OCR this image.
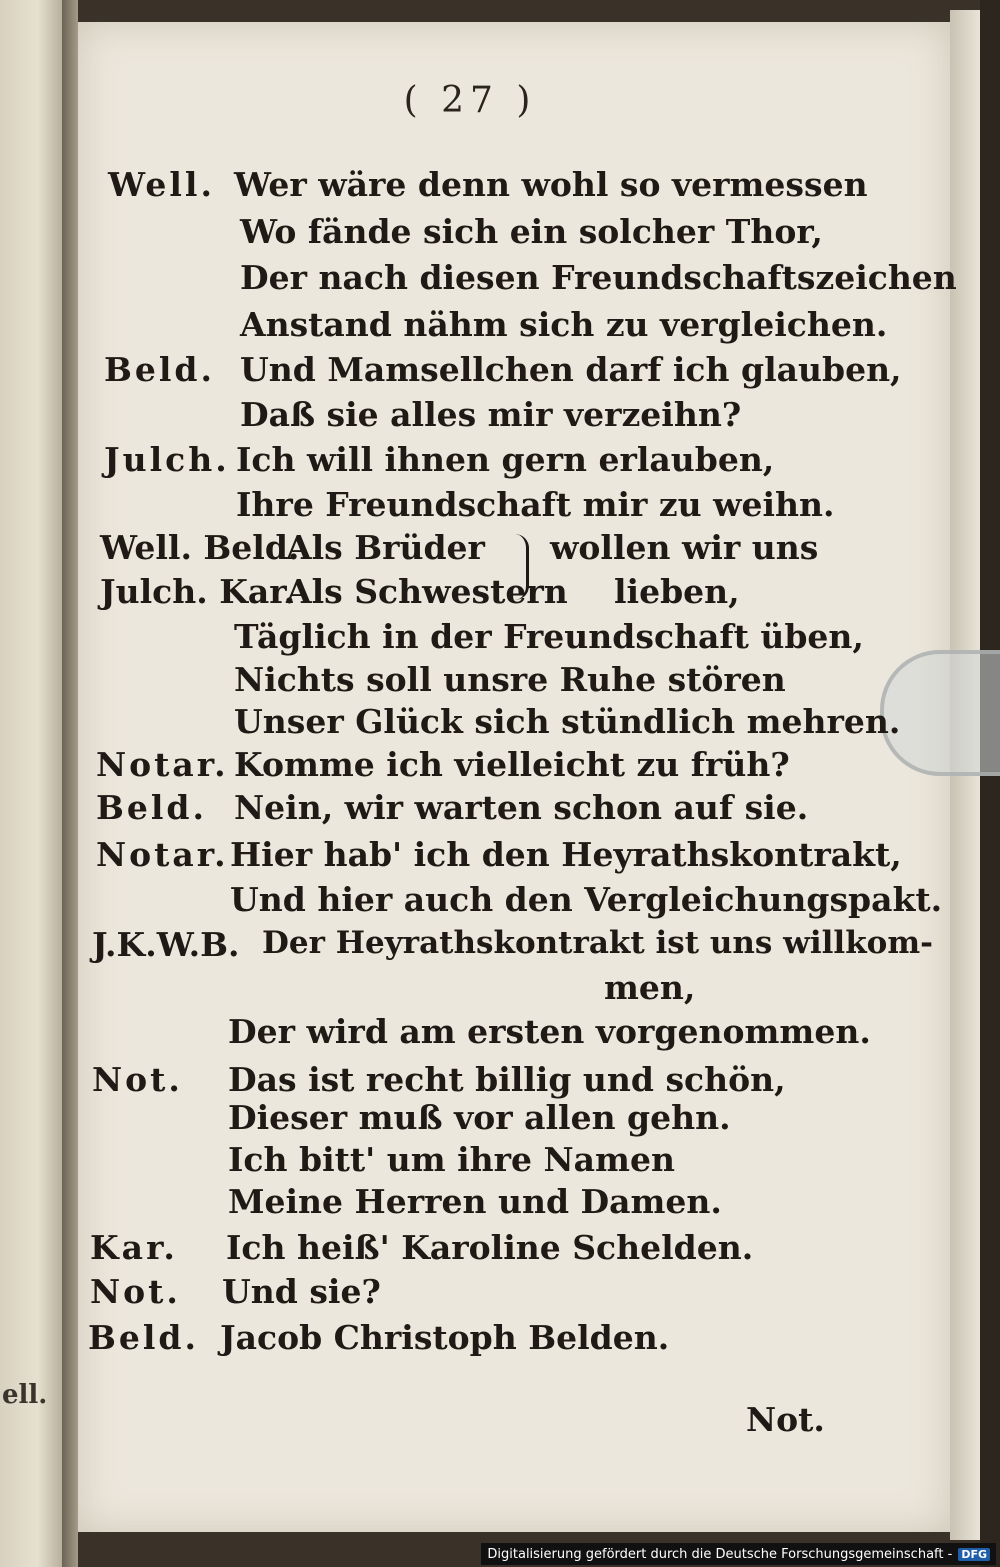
ell.
( 27 )
Well.
Beld.
Julch.
Well. Beld.
Julch. Kar.
Notar.
Beld.
Notar.
J.K.W.B.
Not.
Kar.
Not.
Beld.
Wer wäre denn wohl so vermessen
Wo fände sich ein solcher Thor,
Der nach diesen Freundschaftszeichen
Anstand nähm sich zu vergleichen.
Und Mamsellchen darf ich glauben,
Daß sie alles mir verzeihn?
Ich will ihnen gern erlauben,
Ihre Freundschaft mir zu weihn.
Als Brüder wollen wir uns
Als Schwestern lieben,
Täglich in der Freundschaft üben,
Nichts soll unsre Ruhe stören
Unser Glück sich stündlich mehren.
Komme ich vielleicht zu früh?
Nein, wir warten schon auf sie.
Hier hab' ich den Heyrathskontrakt,
Und hier auch den Vergleichungspakt.
Der Heyrathskontrakt ist uns willkom-
men,
Der wird am ersten vorgenommen.
Das ist recht billig und schön,
Dieser muß vor allen gehn.
Ich bitt' um ihre Namen
Meine Herren und Damen.
Ich heiß' Karoline Schelden.
Und sie?
Jacob Christoph Belden.
Not.
Digitalisierung gefördert durch die Deutsche Forschungsgemeinschaft - DFG
